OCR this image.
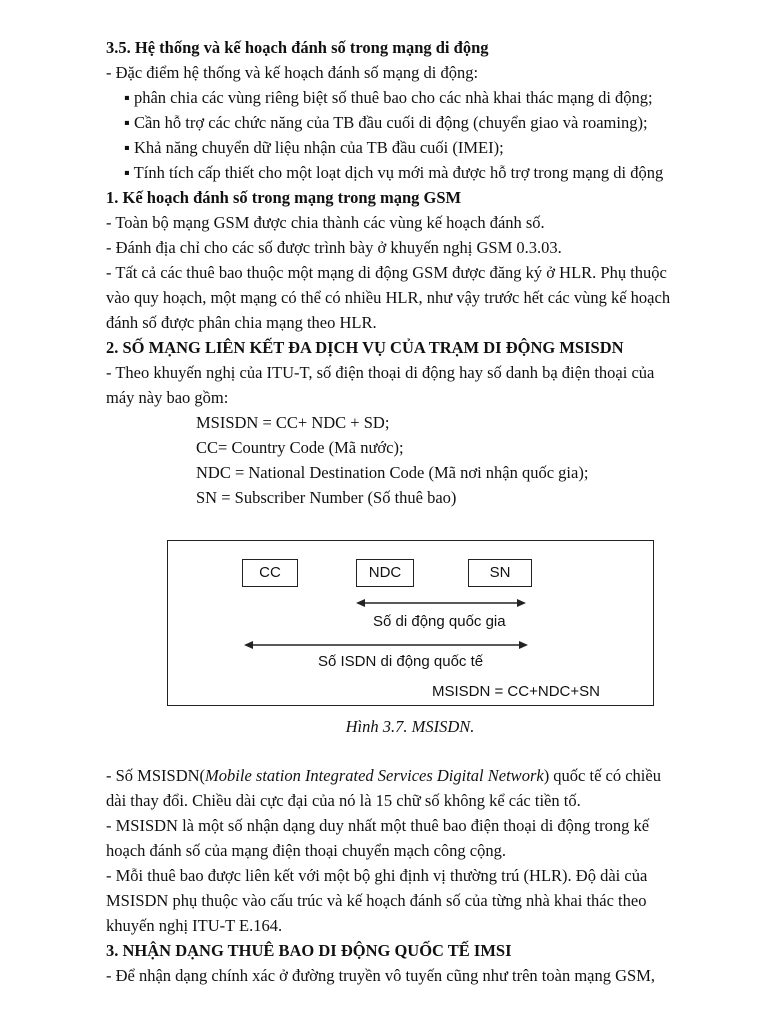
3.5. Hệ thống và kế hoạch đánh số trong mạng di động
- Đặc điểm hệ thống và kế hoạch đánh số mạng di động:
▪ phân chia các vùng riêng biệt số thuê bao cho các nhà khai thác mạng di động;
▪ Cần hỗ trợ các chức năng của TB đầu cuối di động (chuyển giao và roaming);
▪ Khả năng chuyển dữ liệu nhận của TB đầu cuối (IMEI);
▪ Tính tích cấp thiết cho một loạt dịch vụ mới mà được hỗ trợ trong mạng di động
1. Kế hoạch đánh số trong mạng trong mạng GSM
- Toàn bộ mạng GSM được chia thành các vùng kế hoạch đánh số.
- Đánh địa chỉ cho các số được trình bày ở khuyến nghị GSM 0.3.03.
- Tất cả các thuê bao thuộc một mạng di động GSM được đăng ký ở HLR. Phụ thuộc
vào quy hoạch, một mạng có thể có nhiều HLR, như vậy trước hết các vùng kế hoạch
đánh số được phân chia mạng theo HLR.
2. SỐ MẠNG LIÊN KẾT ĐA DỊCH VỤ CỦA TRẠM DI ĐỘNG MSISDN
- Theo khuyến nghị của ITU-T, số điện thoại di động hay số danh bạ điện thoại của
máy này bao gồm:
MSISDN = CC+ NDC + SD;
CC= Country Code (Mã nước);
NDC = National Destination Code (Mã nơi nhận quốc gia);
SN = Subscriber Number (Số thuê bao)
CC	NDC	SN
Số di động quốc gia
Số ISDN di động quốc tế
MSISDN = CC+NDC+SN
Hình 3.7. MSISDN.
- Số MSISDN(Mobile station Integrated Services Digital Network) quốc tế có chiều
dài thay đổi. Chiều dài cực đại của nó là 15 chữ số không kể các tiền tố.
- MSISDN là một số nhận dạng duy nhất một thuê bao điện thoại di động trong kế
hoạch đánh số của mạng điện thoại chuyển mạch công cộng.
- Mỗi thuê bao được liên kết với một bộ ghi định vị thường trú (HLR). Độ dài của
MSISDN phụ thuộc vào cấu trúc và kế hoạch đánh số của từng nhà khai thác theo
khuyến nghị ITU-T E.164.
3. NHẬN DẠNG THUÊ BAO DI ĐỘNG QUỐC TẾ IMSI
- Để nhận dạng chính xác ở đường truyền vô tuyến cũng như trên toàn mạng GSM,
